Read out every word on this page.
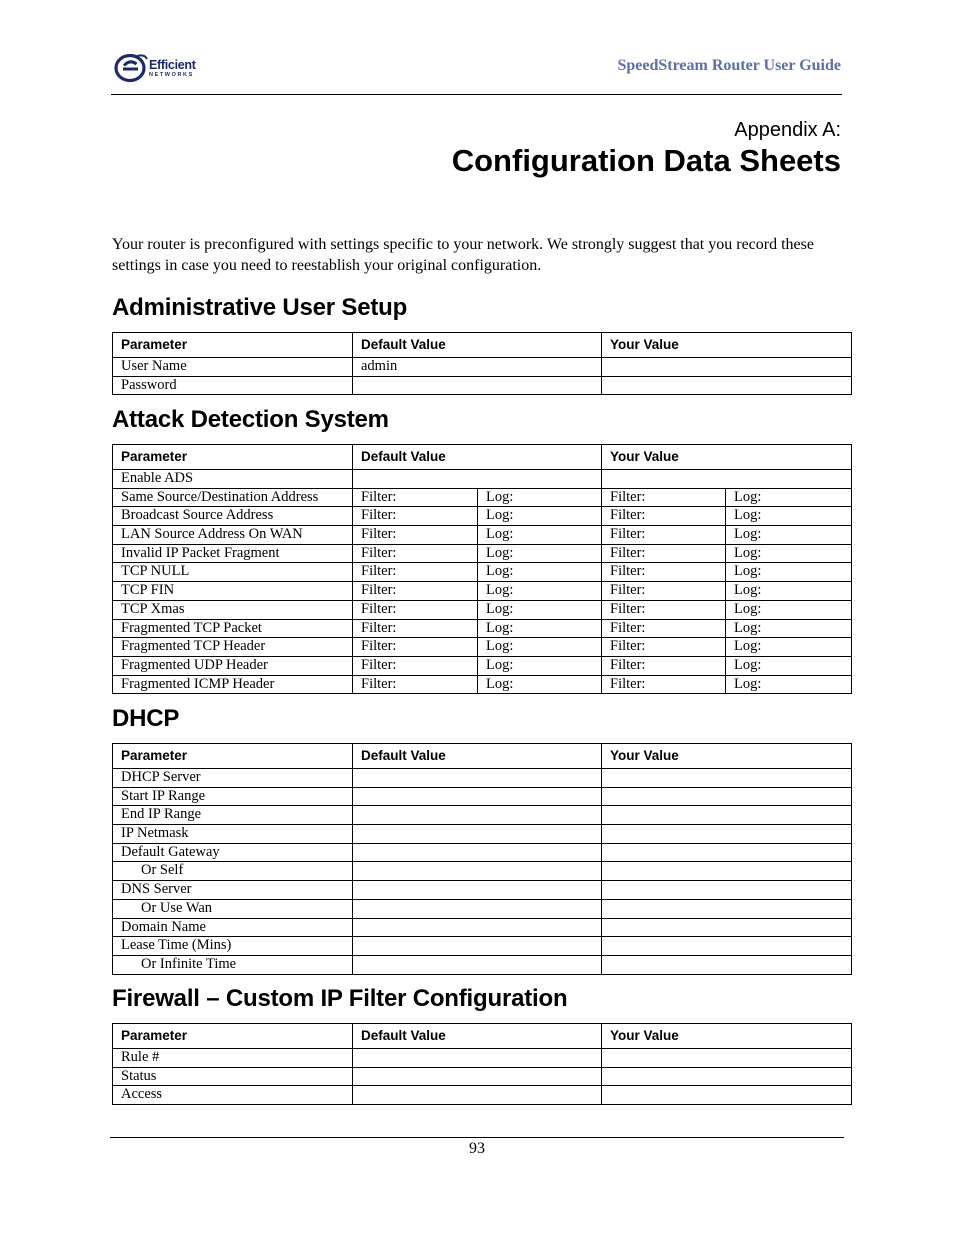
Efficient
NETWORKS
SpeedStream Router User Guide
Appendix A:
Configuration Data Sheets

Your router is preconfigured with settings specific to your network. We strongly suggest that you record these settings in case you need to reestablish your original configuration.

Administrative User Setup
Parameter	Default Value	Your Value
User Name	admin	
Password		
Attack Detection System
Parameter	Default Value		Your Value	
Enable ADS				
Same Source/Destination Address	Filter:	Log:	Filter:	Log:
Broadcast Source Address	Filter:	Log:	Filter:	Log:
LAN Source Address On WAN	Filter:	Log:	Filter:	Log:
Invalid IP Packet Fragment	Filter:	Log:	Filter:	Log:
TCP NULL	Filter:	Log:	Filter:	Log:
TCP FIN	Filter:	Log:	Filter:	Log:
TCP Xmas	Filter:	Log:	Filter:	Log:
Fragmented TCP Packet	Filter:	Log:	Filter:	Log:
Fragmented TCP Header	Filter:	Log:	Filter:	Log:
Fragmented UDP Header	Filter:	Log:	Filter:	Log:
Fragmented ICMP Header	Filter:	Log:	Filter:	Log:
DHCP
Parameter	Default Value	Your Value
DHCP Server		
Start IP Range		
End IP Range		
IP Netmask		
Default Gateway		
Or Self		
DNS Server		
Or Use Wan		
Domain Name		
Lease Time (Mins)		
Or Infinite Time		
Firewall – Custom IP Filter Configuration
Parameter	Default Value	Your Value
Rule #		
Status		
Access		
93
